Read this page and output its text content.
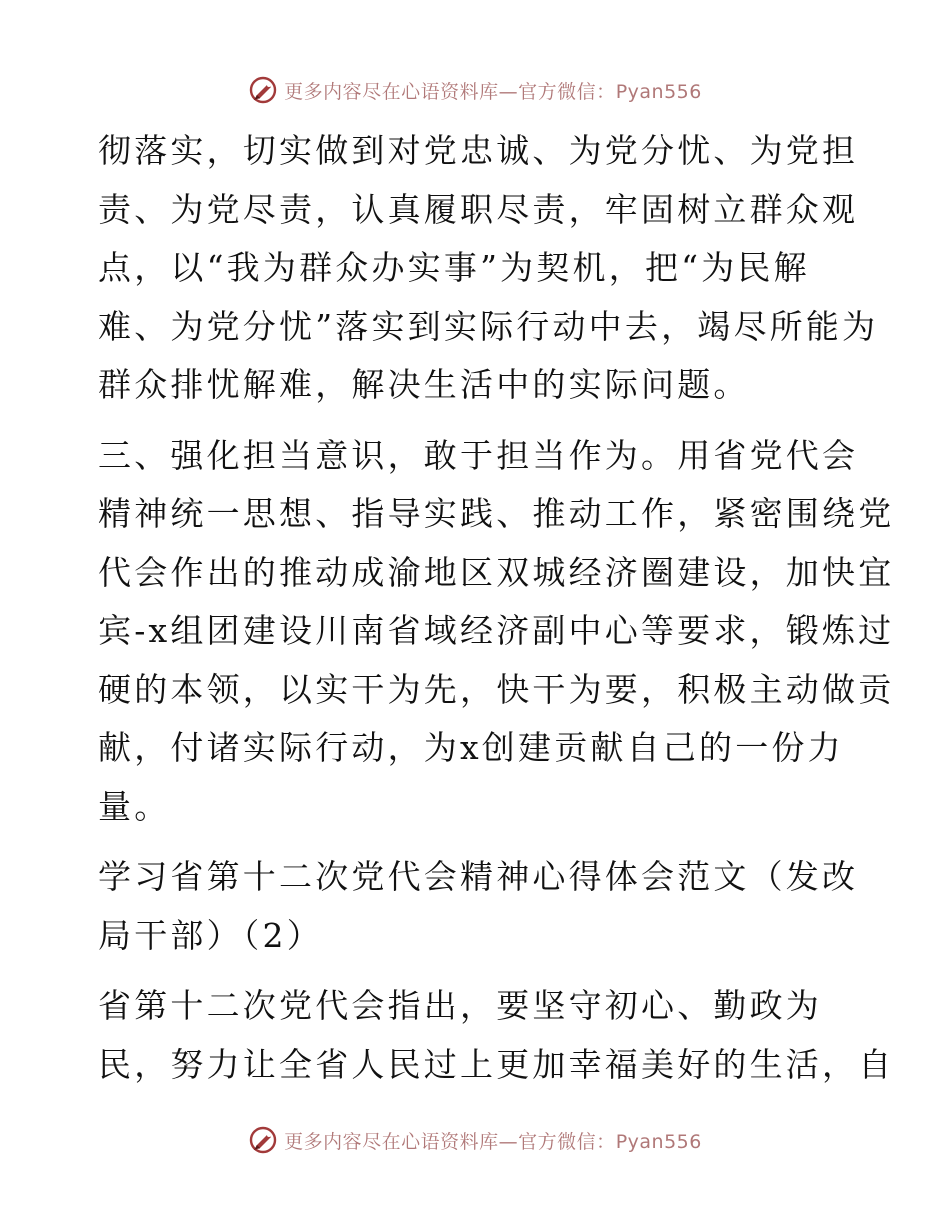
更多内容尽在心语资料库—官方微信：Pyan556

彻落实，切实做到对党忠诚、为党分忧、为党担
责、为党尽责，认真履职尽责，牢固树立群众观
点，以“我为群众办实事”为契机，把“为民解
难、为党分忧”落实到实际行动中去，竭尽所能为
群众排忧解难，解决生活中的实际问题。

三、强化担当意识，敢于担当作为。用省党代会
精神统一思想、指导实践、推动工作，紧密围绕党
代会作出的推动成渝地区双城经济圈建设，加快宜
宾-x组团建设川南省域经济副中心等要求，锻炼过
硬的本领，以实干为先，快干为要，积极主动做贡
献，付诸实际行动，为x创建贡献自己的一份力
量。

学习省第十二次党代会精神心得体会范文（发改
局干部）（2）

省第十二次党代会指出，要坚守初心、勤政为
民，努力让全省人民过上更加幸福美好的生活，自

更多内容尽在心语资料库—官方微信：Pyan556
